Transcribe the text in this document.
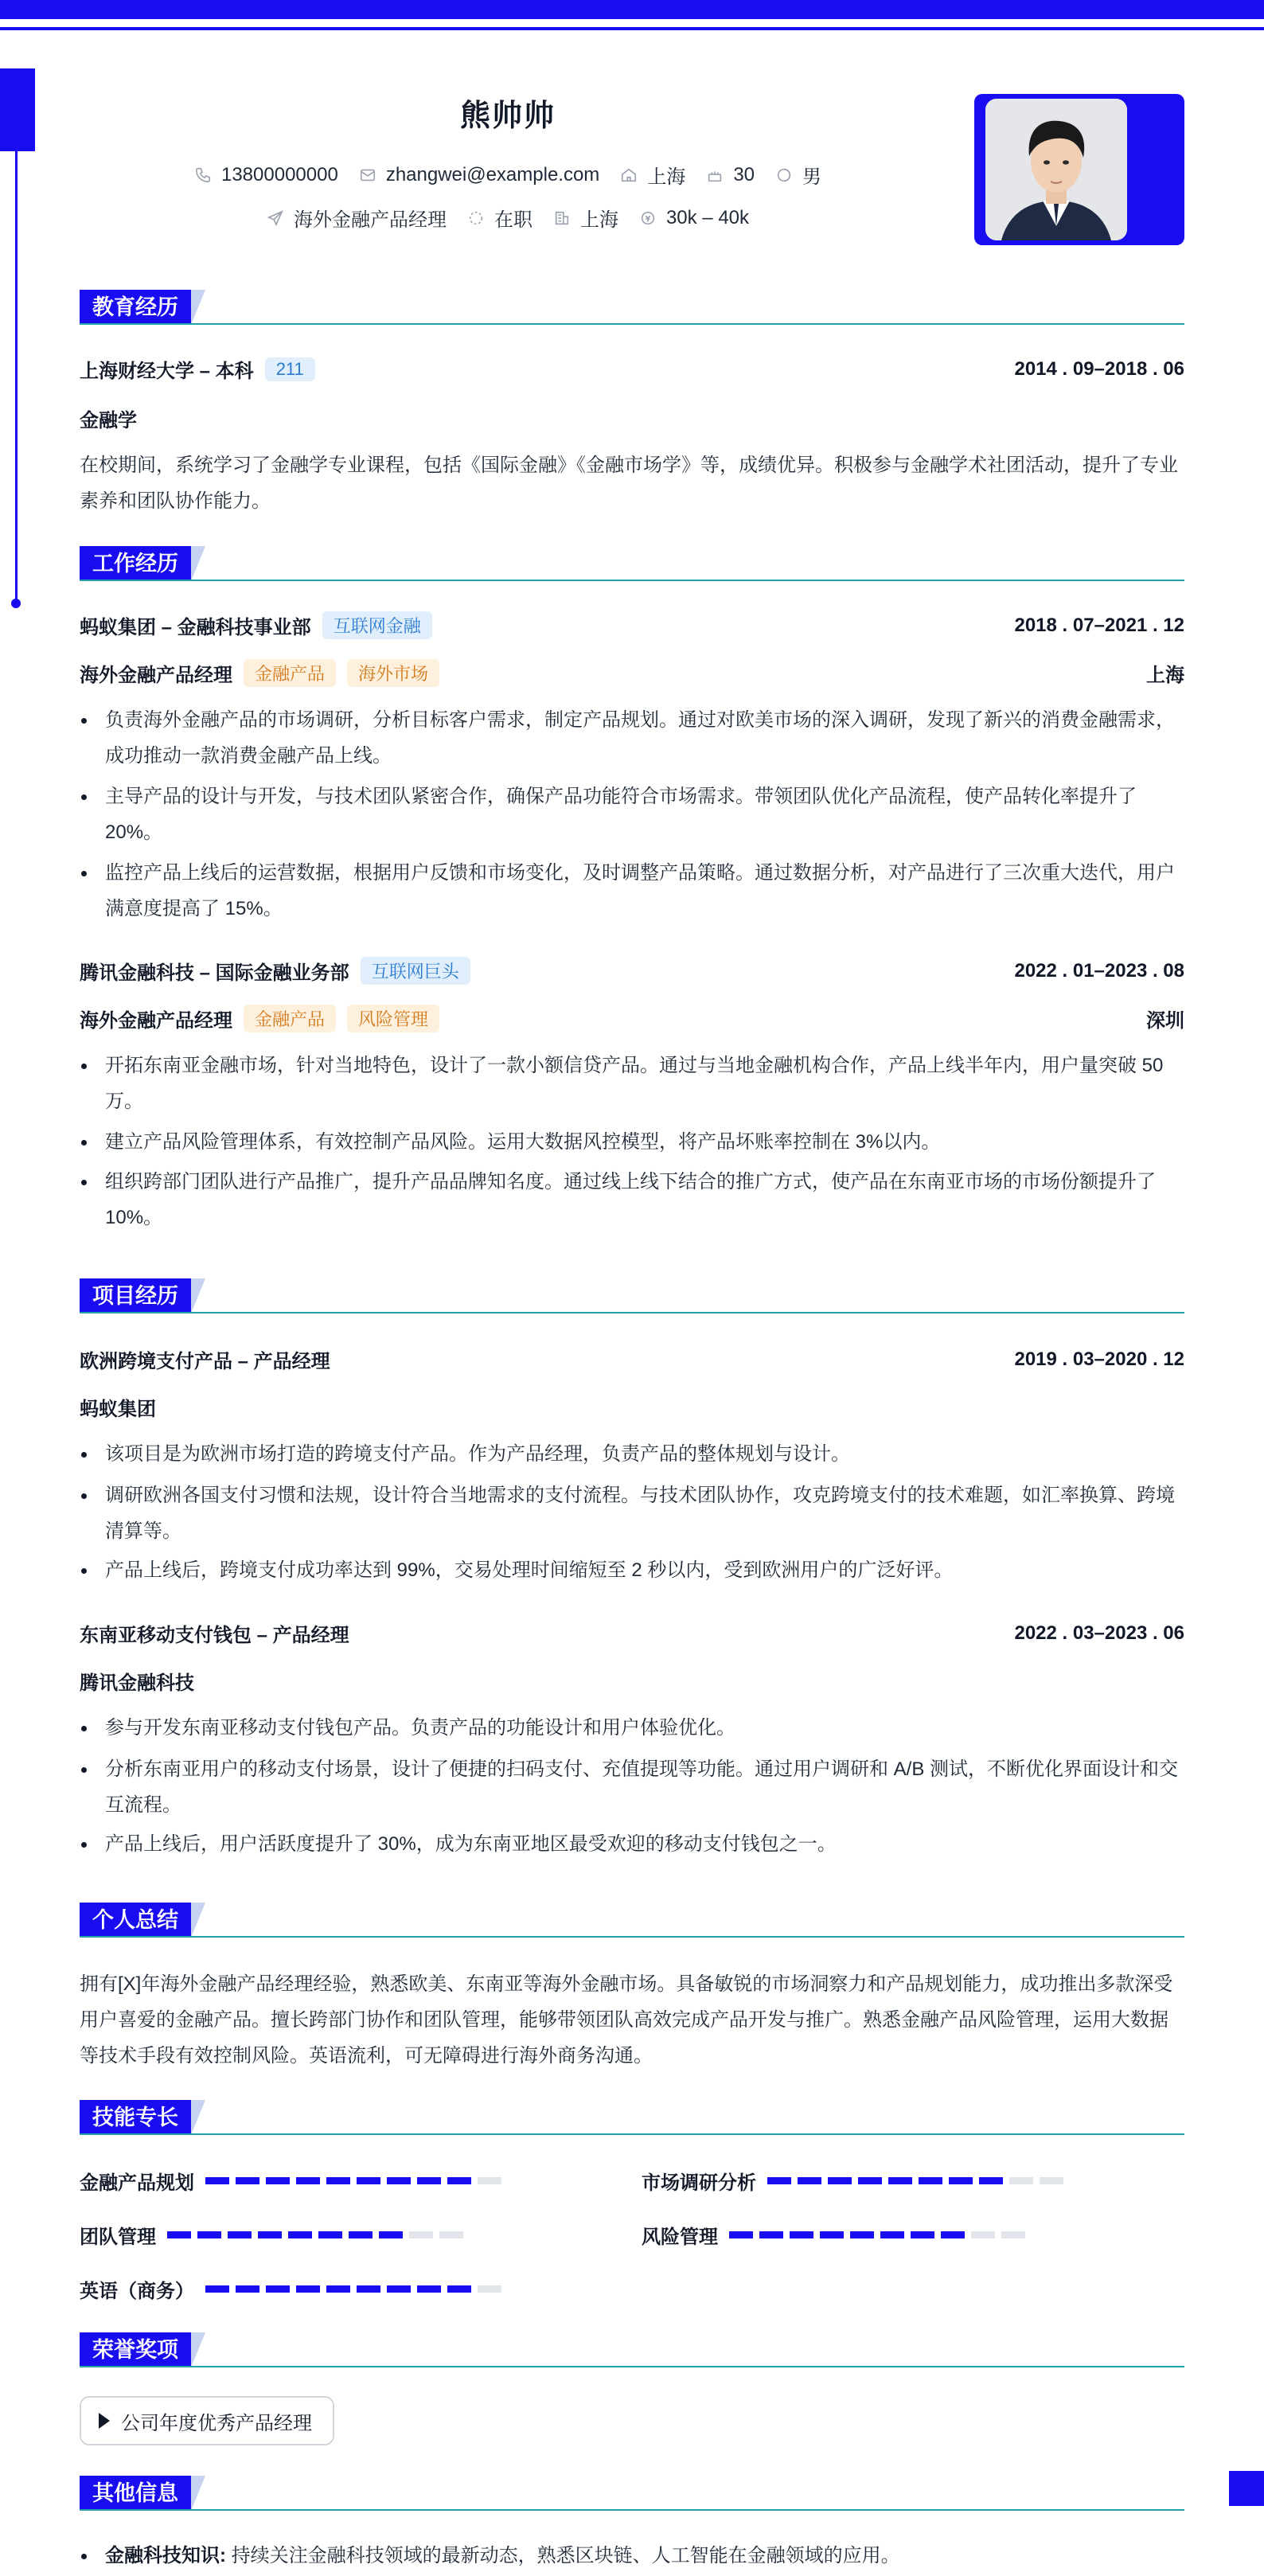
熊帅帅
13800000000	zhangwei@example.com	上海	30	男
海外金融产品经理	在职	上海	30k – 40k
教育经历
上海财经大学 – 本科	211	2014 . 09–2018 . 06
金融学
在校期间，系统学习了金融学专业课程，包括《国际金融》《金融市场学》等，成绩优异。积极参与金融学术社团活动，提升了专业素养和团队协作能力。
工作经历
蚂蚁集团 – 金融科技事业部	互联网金融	2018 . 07–2021 . 12
海外金融产品经理	金融产品	海外市场	上海
负责海外金融产品的市场调研，分析目标客户需求，制定产品规划。通过对欧美市场的深入调研，发现了新兴的消费金融需求，成功推动一款消费金融产品上线。
主导产品的设计与开发，与技术团队紧密合作，确保产品功能符合市场需求。带领团队优化产品流程，使产品转化率提升了 20%。
监控产品上线后的运营数据，根据用户反馈和市场变化，及时调整产品策略。通过数据分析，对产品进行了三次重大迭代，用户满意度提高了 15%。
腾讯金融科技 – 国际金融业务部	互联网巨头	2022 . 01–2023 . 08
海外金融产品经理	金融产品	风险管理	深圳
开拓东南亚金融市场，针对当地特色，设计了一款小额信贷产品。通过与当地金融机构合作，产品上线半年内，用户量突破 50 万。
建立产品风险管理体系，有效控制产品风险。运用大数据风控模型，将产品坏账率控制在 3%以内。
组织跨部门团队进行产品推广，提升产品品牌知名度。通过线上线下结合的推广方式，使产品在东南亚市场的市场份额提升了 10%。
项目经历
欧洲跨境支付产品 – 产品经理	2019 . 03–2020 . 12
蚂蚁集团
该项目是为欧洲市场打造的跨境支付产品。作为产品经理，负责产品的整体规划与设计。
调研欧洲各国支付习惯和法规，设计符合当地需求的支付流程。与技术团队协作，攻克跨境支付的技术难题，如汇率换算、跨境清算等。
产品上线后，跨境支付成功率达到 99%，交易处理时间缩短至 2 秒以内，受到欧洲用户的广泛好评。
东南亚移动支付钱包 – 产品经理	2022 . 03–2023 . 06
腾讯金融科技
参与开发东南亚移动支付钱包产品。负责产品的功能设计和用户体验优化。
分析东南亚用户的移动支付场景，设计了便捷的扫码支付、充值提现等功能。通过用户调研和 A/B 测试，不断优化界面设计和交互流程。
产品上线后，用户活跃度提升了 30%，成为东南亚地区最受欢迎的移动支付钱包之一。
个人总结
拥有[X]年海外金融产品经理经验，熟悉欧美、东南亚等海外金融市场。具备敏锐的市场洞察力和产品规划能力，成功推出多款深受用户喜爱的金融产品。擅长跨部门协作和团队管理，能够带领团队高效完成产品开发与推广。熟悉金融产品风险管理，运用大数据等技术手段有效控制风险。英语流利，可无障碍进行海外商务沟通。
技能专长
金融产品规划	市场调研分析
团队管理	风险管理
英语（商务）
荣誉奖项
公司年度优秀产品经理
其他信息
金融科技知识: 持续关注金融科技领域的最新动态，熟悉区块链、人工智能在金融领域的应用。
